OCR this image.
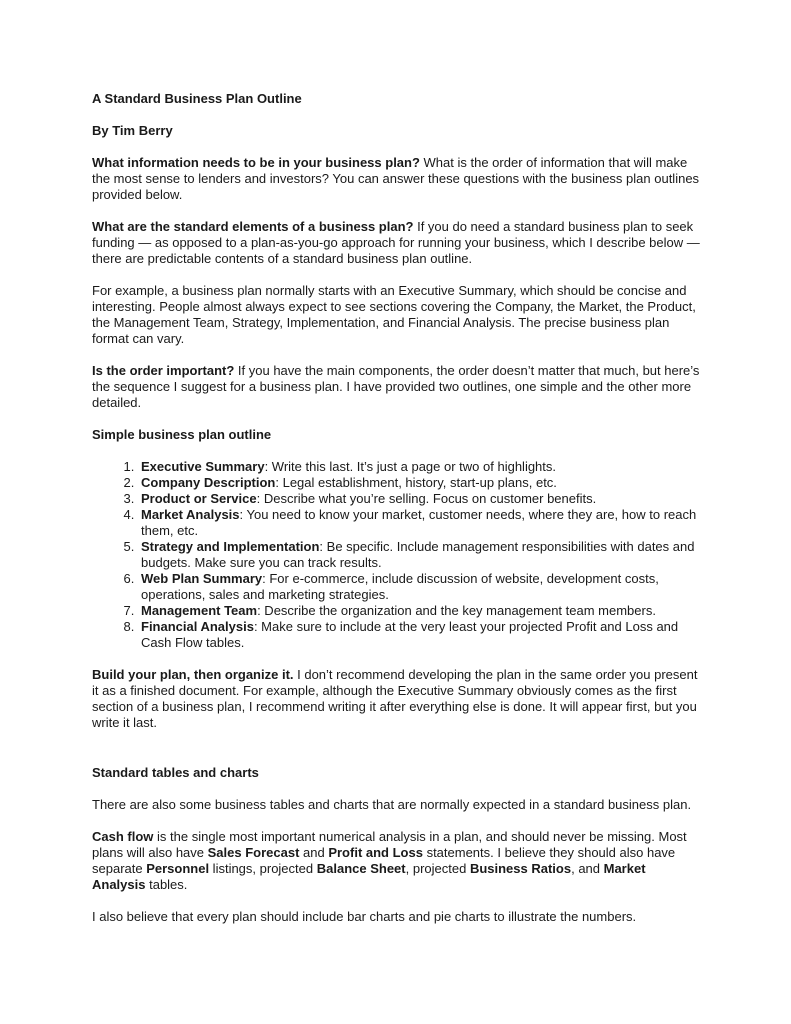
A Standard Business Plan Outline

By Tim Berry

What information needs to be in your business plan? What is the order of information that will make the most sense to lenders and investors? You can answer these questions with the business plan outlines provided below.

What are the standard elements of a business plan? If you do need a standard business plan to seek funding — as opposed to a plan-as-you-go approach for running your business, which I describe below — there are predictable contents of a standard business plan outline.

For example, a business plan normally starts with an Executive Summary, which should be concise and interesting. People almost always expect to see sections covering the Company, the Market, the Product, the Management Team, Strategy, Implementation, and Financial Analysis. The precise business plan format can vary.

Is the order important? If you have the main components, the order doesn’t matter that much, but here’s the sequence I suggest for a business plan. I have provided two outlines, one simple and the other more detailed.

Simple business plan outline

1. Executive Summary: Write this last. It’s just a page or two of highlights.
2. Company Description: Legal establishment, history, start-up plans, etc.
3. Product or Service: Describe what you’re selling. Focus on customer benefits.
4. Market Analysis: You need to know your market, customer needs, where they are, how to reach them, etc.
5. Strategy and Implementation: Be specific. Include management responsibilities with dates and budgets. Make sure you can track results.
6. Web Plan Summary: For e-commerce, include discussion of website, development costs, operations, sales and marketing strategies.
7. Management Team: Describe the organization and the key management team members.
8. Financial Analysis: Make sure to include at the very least your projected Profit and Loss and Cash Flow tables.

Build your plan, then organize it. I don’t recommend developing the plan in the same order you present it as a finished document. For example, although the Executive Summary obviously comes as the first section of a business plan, I recommend writing it after everything else is done. It will appear first, but you write it last.

Standard tables and charts

There are also some business tables and charts that are normally expected in a standard business plan.

Cash flow is the single most important numerical analysis in a plan, and should never be missing. Most plans will also have Sales Forecast and Profit and Loss statements. I believe they should also have separate Personnel listings, projected Balance Sheet, projected Business Ratios, and Market Analysis tables.

I also believe that every plan should include bar charts and pie charts to illustrate the numbers.
